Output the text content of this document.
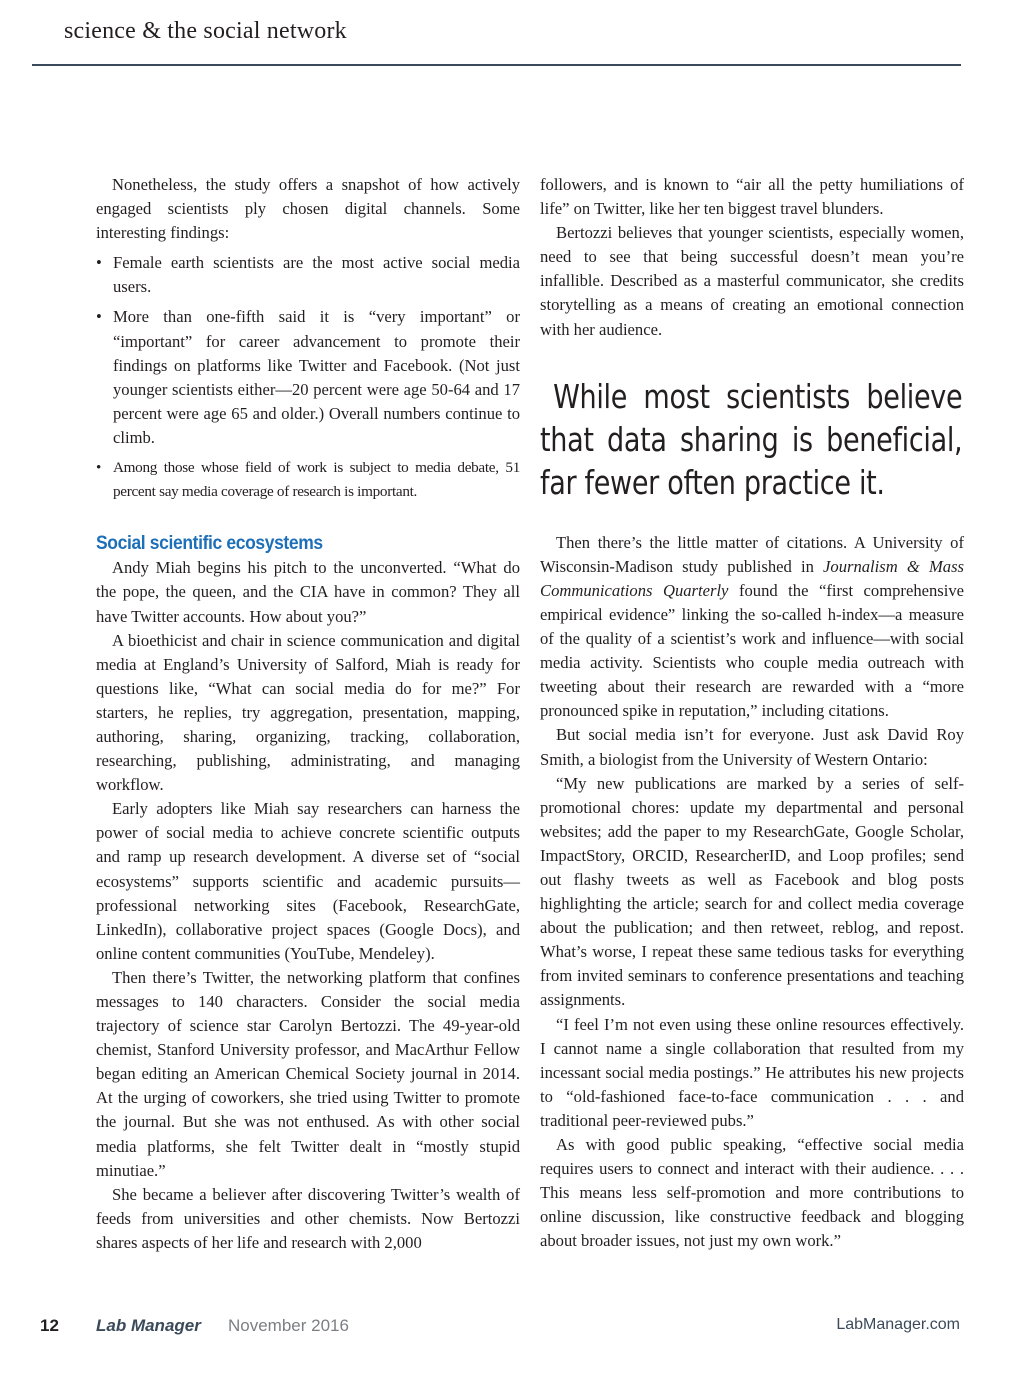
science & the social network

Nonetheless, the study offers a snapshot of how actively engaged scientists ply chosen digital channels. Some interesting findings:

• Female earth scientists are the most active social media users.
• More than one-fifth said it is “very important” or “important” for career advancement to promote their findings on platforms like Twitter and Facebook. (Not just younger scientists either—20 percent were age 50-64 and 17 percent were age 65 and older.) Overall numbers continue to climb.
• Among those whose field of work is subject to media debate, 51 percent say media coverage of research is important.
Social scientific ecosystems

Andy Miah begins his pitch to the unconverted. “What do the pope, the queen, and the CIA have in common? They all have Twitter accounts. How about you?”

A bioethicist and chair in science communication and digital media at England’s University of Salford, Miah is ready for questions like, “What can social media do for me?” For starters, he replies, try aggregation, presentation, mapping, authoring, sharing, organizing, tracking, collaboration, researching, publishing, administrating, and managing workflow.

Early adopters like Miah say researchers can harness the power of social media to achieve concrete scientific outputs and ramp up research development. A diverse set of “social ecosystems” supports scientific and academic pursuits—professional networking sites (Facebook, ResearchGate, LinkedIn), collaborative project spaces (Google Docs), and online content communities (YouTube, Mendeley).

Then there’s Twitter, the networking platform that confines messages to 140 characters. Consider the social media trajectory of science star Carolyn Bertozzi. The 49-year-old chemist, Stanford University professor, and MacArthur Fellow began editing an American Chemical Society journal in 2014. At the urging of coworkers, she tried using Twitter to promote the journal. But she was not enthused. As with other social media platforms, she felt Twitter dealt in “mostly stupid minutiae.”

She became a believer after discovering Twitter’s wealth of feeds from universities and other chemists. Now Bertozzi shares aspects of her life and research with 2,000

followers, and is known to “air all the petty humiliations of life” on Twitter, like her ten biggest travel blunders.

Bertozzi believes that younger scientists, especially women, need to see that being successful doesn’t mean you’re infallible. Described as a masterful communicator, she credits storytelling as a means of creating an emotional connection with her audience.

While most scientists believe that data sharing is beneficial, far fewer often practice it.

Then there’s the little matter of citations. A University of Wisconsin-Madison study published in Journalism & Mass Communications Quarterly found the “first comprehensive empirical evidence” linking the so-called h-index—a measure of the quality of a scientist’s work and influence—with social media activity. Scientists who couple media outreach with tweeting about their research are rewarded with a “more pronounced spike in reputation,” including citations.

But social media isn’t for everyone. Just ask David Roy Smith, a biologist from the University of Western Ontario:

“My new publications are marked by a series of self-promotional chores: update my departmental and personal websites; add the paper to my ResearchGate, Google Scholar, ImpactStory, ORCID, ResearcherID, and Loop profiles; send out flashy tweets as well as Facebook and blog posts highlighting the article; search for and collect media coverage about the publication; and then retweet, reblog, and repost. What’s worse, I repeat these same tedious tasks for everything from invited seminars to conference presentations and teaching assignments.

“I feel I’m not even using these online resources effectively. I cannot name a single collaboration that resulted from my incessant social media postings.” He attributes his new projects to “old-fashioned face-to-face communication . . . and traditional peer-reviewed pubs.”

As with good public speaking, “effective social media requires users to connect and interact with their audience. . . . This means less self-promotion and more contributions to online discussion, like constructive feedback and blogging about broader issues, not just my own work.”

12 Lab Manager November 2016	LabManager.com
